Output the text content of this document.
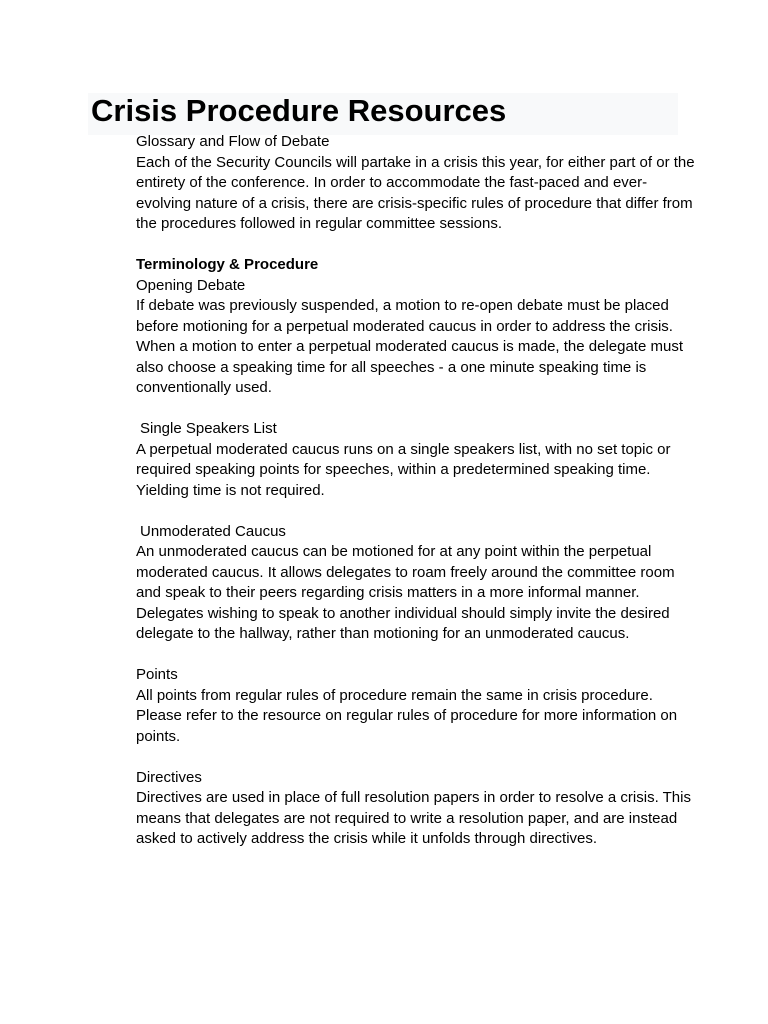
Crisis Procedure Resources

Glossary and Flow of Debate

Each of the Security Councils will partake in a crisis this year, for either part of or the entirety of the conference. In order to accommodate the fast-paced and ever-evolving nature of a crisis, there are crisis-specific rules of procedure that differ from the procedures followed in regular committee sessions.

Terminology & Procedure

Opening Debate

If debate was previously suspended, a motion to re-open debate must be placed before motioning for a perpetual moderated caucus in order to address the crisis. When a motion to enter a perpetual moderated caucus is made, the delegate must also choose a speaking time for all speeches - a one minute speaking time is conventionally used.

Single Speakers List

A perpetual moderated caucus runs on a single speakers list, with no set topic or required speaking points for speeches, within a predetermined speaking time. Yielding time is not required.

Unmoderated Caucus

An unmoderated caucus can be motioned for at any point within the perpetual moderated caucus. It allows delegates to roam freely around the committee room and speak to their peers regarding crisis matters in a more informal manner. Delegates wishing to speak to another individual should simply invite the desired delegate to the hallway, rather than motioning for an unmoderated caucus.

Points

All points from regular rules of procedure remain the same in crisis procedure. Please refer to the resource on regular rules of procedure for more information on points.

Directives

Directives are used in place of full resolution papers in order to resolve a crisis. This means that delegates are not required to write a resolution paper, and are instead asked to actively address the crisis while it unfolds through directives.
